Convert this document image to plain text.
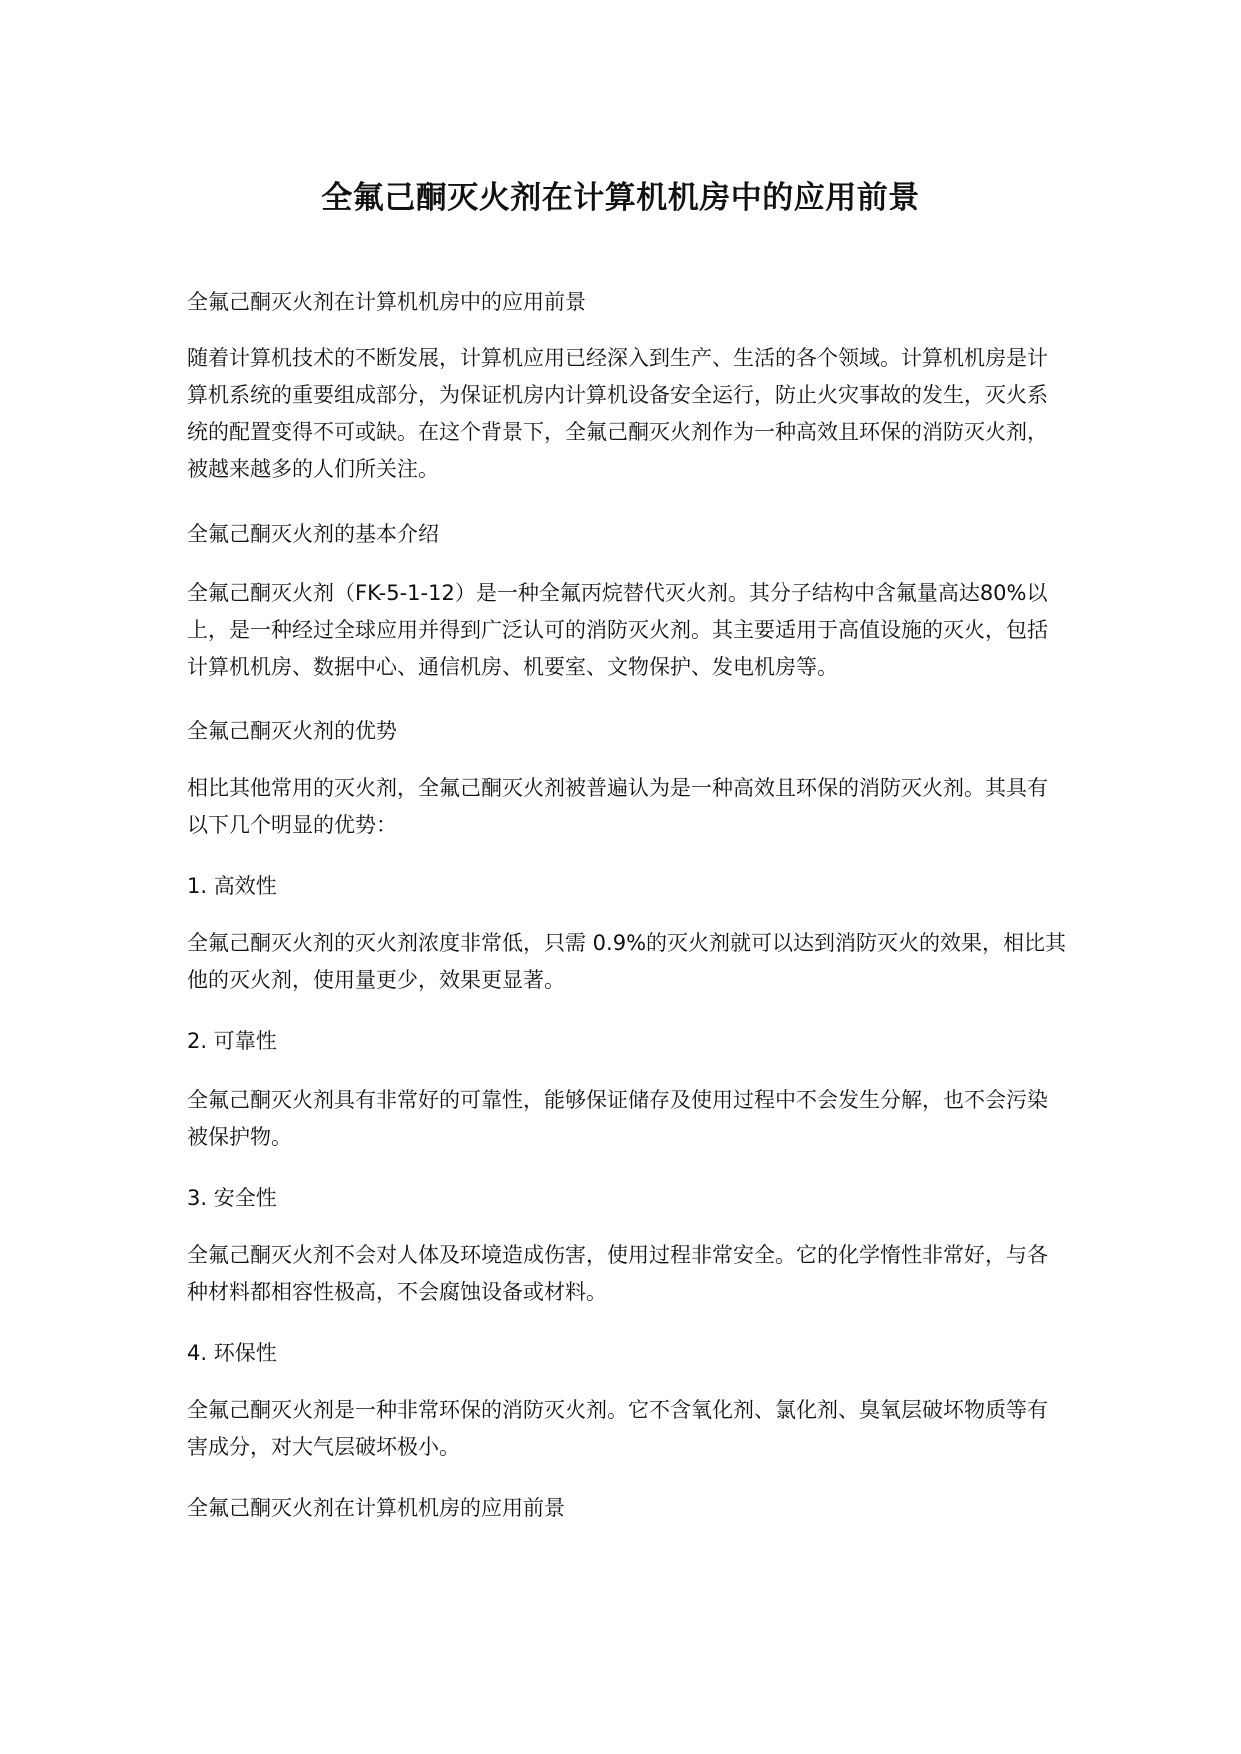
全氟己酮灭火剂在计算机机房中的应用前景

全氟己酮灭火剂在计算机机房中的应用前景

随着计算机技术的不断发展，计算机应用已经深入到生产、生活的各个领域。计算机机房是计算机系统的重要组成部分，为保证机房内计算机设备安全运行，防止火灾事故的发生，灭火系统的配置变得不可或缺。在这个背景下，全氟己酮灭火剂作为一种高效且环保的消防灭火剂，被越来越多的人们所关注。

全氟己酮灭火剂的基本介绍

全氟己酮灭火剂（FK-5-1-12）是一种全氟丙烷替代灭火剂。其分子结构中含氟量高达80%以上，是一种经过全球应用并得到广泛认可的消防灭火剂。其主要适用于高值设施的灭火，包括计算机机房、数据中心、通信机房、机要室、文物保护、发电机房等。

全氟己酮灭火剂的优势

相比其他常用的灭火剂，全氟己酮灭火剂被普遍认为是一种高效且环保的消防灭火剂。其具有以下几个明显的优势：

1. 高效性

全氟己酮灭火剂的灭火剂浓度非常低，只需 0.9%的灭火剂就可以达到消防灭火的效果，相比其他的灭火剂，使用量更少，效果更显著。

2. 可靠性

全氟己酮灭火剂具有非常好的可靠性，能够保证储存及使用过程中不会发生分解，也不会污染被保护物。

3. 安全性

全氟己酮灭火剂不会对人体及环境造成伤害，使用过程非常安全。它的化学惰性非常好，与各种材料都相容性极高，不会腐蚀设备或材料。

4. 环保性

全氟己酮灭火剂是一种非常环保的消防灭火剂。它不含氧化剂、氯化剂、臭氧层破坏物质等有害成分，对大气层破坏极小。

全氟己酮灭火剂在计算机机房的应用前景
